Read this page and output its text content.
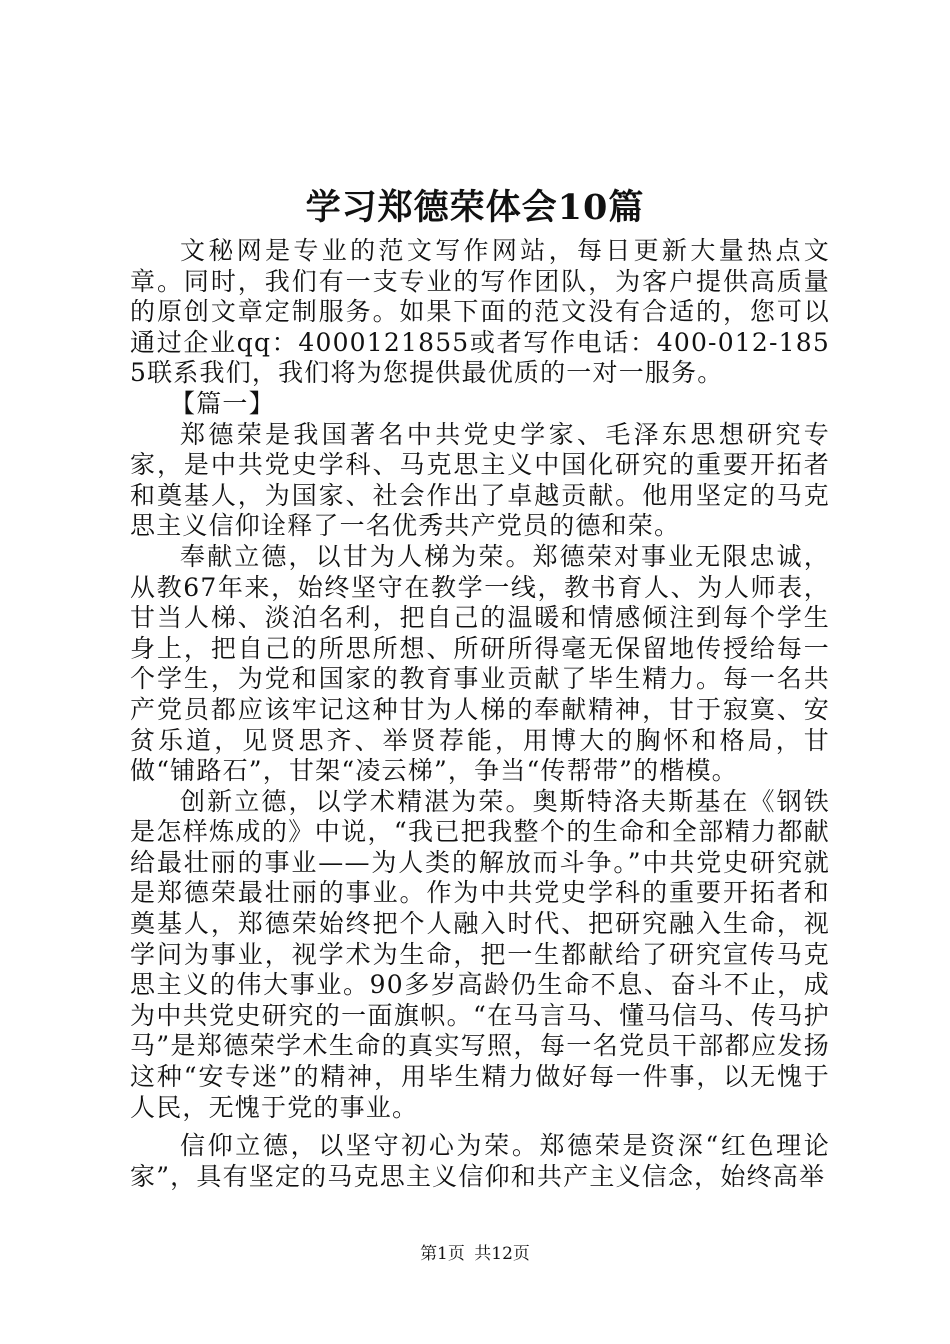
学习郑德荣体会10篇

文秘网是专业的范文写作网站，每日更新大量热点文章。同时，我们有一支专业的写作团队，为客户提供高质量的原创文章定制服务。如果下面的范文没有合适的，您可以通过企业qq：4000121855或者写作电话：400-012-1855联系我们，我们将为您提供最优质的一对一服务。

【篇一】

郑德荣是我国著名中共党史学家、毛泽东思想研究专家，是中共党史学科、马克思主义中国化研究的重要开拓者和奠基人，为国家、社会作出了卓越贡献。他用坚定的马克思主义信仰诠释了一名优秀共产党员的德和荣。

奉献立德，以甘为人梯为荣。郑德荣对事业无限忠诚，从教67年来，始终坚守在教学一线，教书育人、为人师表，甘当人梯、淡泊名利，把自己的温暖和情感倾注到每个学生身上，把自己的所思所想、所研所得毫无保留地传授给每一个学生，为党和国家的教育事业贡献了毕生精力。每一名共产党员都应该牢记这种甘为人梯的奉献精神，甘于寂寞、安贫乐道，见贤思齐、举贤荐能，用博大的胸怀和格局，甘做“铺路石”，甘架“凌云梯”，争当“传帮带”的楷模。

创新立德，以学术精湛为荣。奥斯特洛夫斯基在《钢铁是怎样炼成的》中说，“我已把我整个的生命和全部精力都献给最壮丽的事业——为人类的解放而斗争。”中共党史研究就是郑德荣最壮丽的事业。作为中共党史学科的重要开拓者和奠基人，郑德荣始终把个人融入时代、把研究融入生命，视学问为事业，视学术为生命，把一生都献给了研究宣传马克思主义的伟大事业。90多岁高龄仍生命不息、奋斗不止，成为中共党史研究的一面旗帜。“在马言马、懂马信马、传马护马”是郑德荣学术生命的真实写照，每一名党员干部都应发扬这种“安专迷”的精神，用毕生精力做好每一件事，以无愧于人民，无愧于党的事业。

信仰立德，以坚守初心为荣。郑德荣是资深“红色理论家”，具有坚定的马克思主义信仰和共产主义信念，始终高举

第1页 共12页
